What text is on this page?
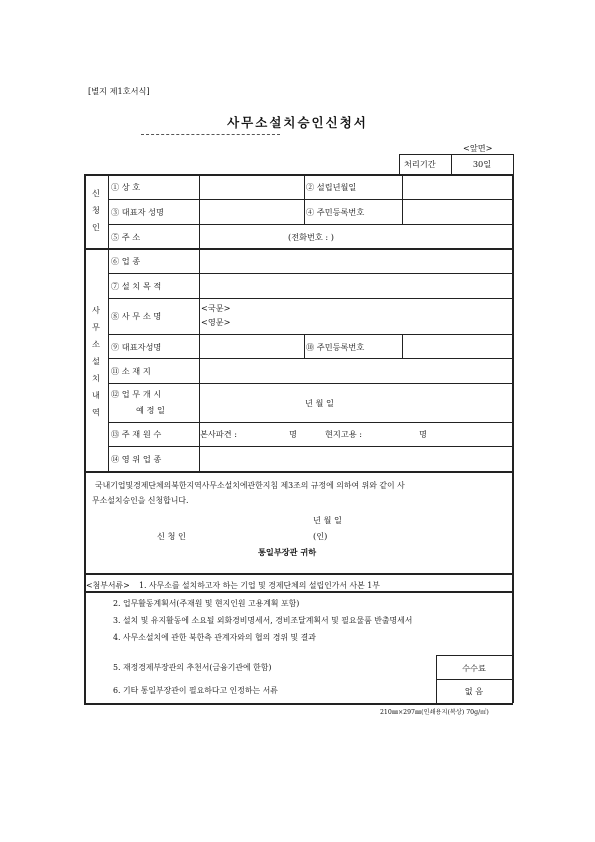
[별지 제1호서식]
사무소설치승인신청서
<앞면>
처리기간	30일
신
청
인
① 상 호	② 설립년월일
③ 대표자 성명	④ 주민등록번호
⑤ 주 소	(전화번호 : )
사
무
소
설
치
내
역
⑥ 업 종
⑦ 설 치 목 적
⑧ 사 무 소 명
<국문>
<영문>
⑨ 대표자성명	⑩ 주민등록번호
⑪ 소 재 지
⑫ 업 무 개 시
예 정 일
년 월 일
⑬ 주 재 원 수	본사파견 :	명	현지고용 :	명
⑭ 영 위 업 종
국내기업및경제단체의북한지역사무소설치에관한지침 제3조의 규정에 의하여 위와 같이 사
무소설치승인을 신청합니다.
년 월 일
신 청 인	(인)
통일부장관 귀하
<첨부서류> 1. 사무소를 설치하고자 하는 기업 및 경제단체의 설립인가서 사본 1부
2. 업무활동계획서(주재원 및 현지인원 고용계획 포함)
3. 설치 및 유지활동에 소요될 외화경비명세서, 경비조달계획서 및 필요물품 반출명세서
4. 사무소설치에 관한 북한측 관계자와의 협의 경위 및 결과
5. 재정경제부장관의 추천서(금융기관에 한함)
6. 기타 통일부장관이 필요하다고 인정하는 서류
수수료
없 음
210㎜×297㎜(인쇄용지(복상) 70g/㎡)
